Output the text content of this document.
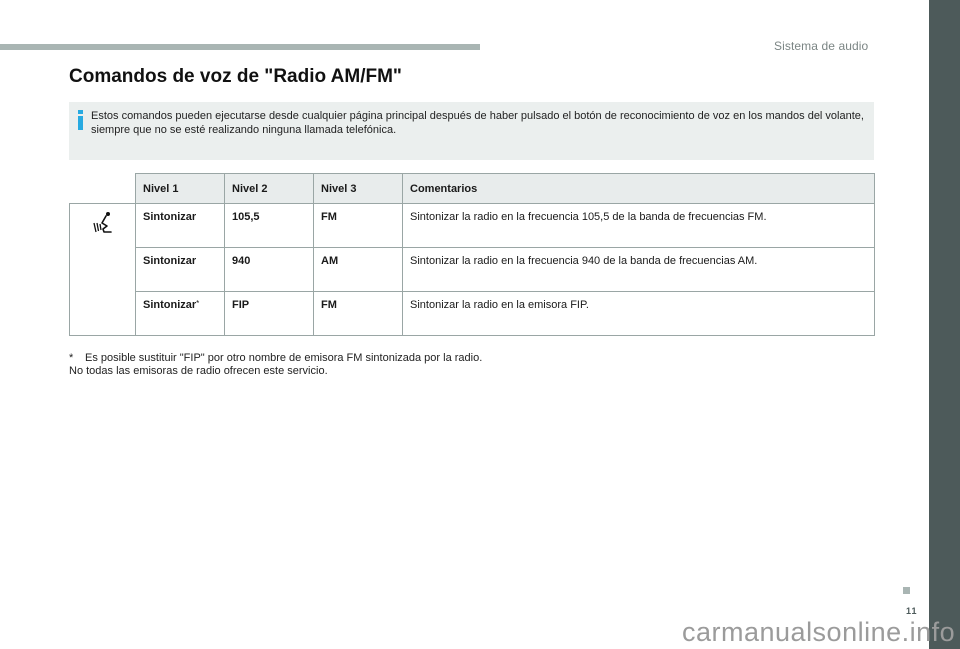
Sistema de audio
Comandos de voz de "Radio AM/FM"
Estos comandos pueden ejecutarse desde cualquier página principal después de haber pulsado el botón de reconocimiento de voz en los mandos del volante, siempre que no se esté realizando ninguna llamada telefónica.
	Nivel 1	Nivel 2	Nivel 3	Comentarios
	Sintonizar	105,5	FM	Sintonizar la radio en la frecuencia 105,5 de la banda de frecuencias FM.
	Sintonizar	940	AM	Sintonizar la radio en la frecuencia 940 de la banda de frecuencias AM.
	Sintonizar*	FIP	FM	Sintonizar la radio en la emisora FIP.
* Es posible sustituir "FIP" por otro nombre de emisora FM sintonizada por la radio.
No todas las emisoras de radio ofrecen este servicio.
11
carmanualsonline.info
